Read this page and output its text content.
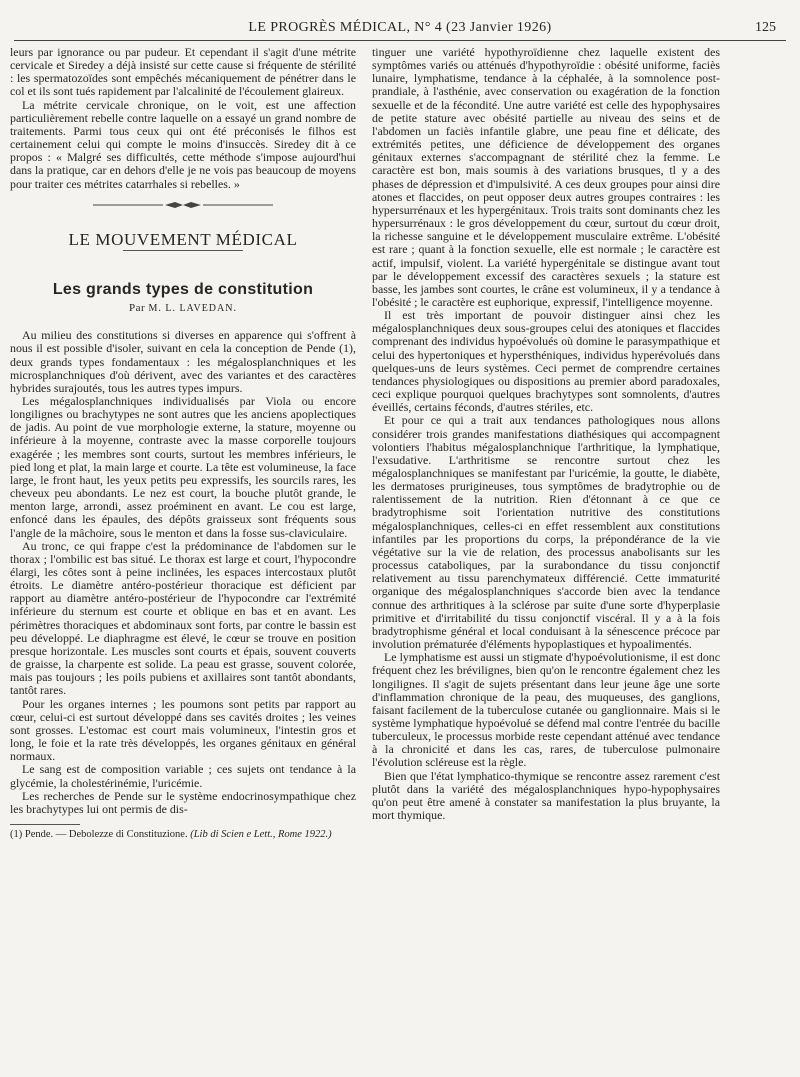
LE PROGRÈS MÉDICAL, N° 4 (23 Janvier 1926)	125

leurs par ignorance ou par pudeur. Et cependant il s'agit d'une métrite cervicale et Siredey a déjà insisté sur cette cause si fréquente de stérilité : les spermatozoïdes sont empêchés mécaniquement de pénétrer dans le col et ils sont tués rapidement par l'alcalinité de l'écoulement glaireux.

La métrite cervicale chronique, on le voit, est une affection particulièrement rebelle contre laquelle on a essayé un grand nombre de traitements. Parmi tous ceux qui ont été préconisés le filhos est certainement celui qui compte le moins d'insuccès. Siredey dit à ce propos : « Malgré ses difficultés, cette méthode s'impose aujourd'hui dans la pratique, car en dehors d'elle je ne vois pas beaucoup de moyens pour traiter ces métrites catarrhales si rebelles. »

LE MOUVEMENT MÉDICAL
Les grands types de constitution
Par M. L. LAVEDAN.

Au milieu des constitutions si diverses en apparence qui s'offrent à nous il est possible d'isoler, suivant en cela la conception de Pende (1), deux grands types fondamentaux : les mégalosplanchniques et les microsplanchniques d'où dérivent, avec des variantes et des caractères hybrides surajoutés, tous les autres types impurs.

Les mégalosplanchniques individualisés par Viola ou encore longilignes ou brachytypes ne sont autres que les anciens apoplectiques de jadis. Au point de vue morphologie externe, la stature, moyenne ou inférieure à la moyenne, contraste avec la masse corporelle toujours exagérée ; les membres sont courts, surtout les membres inférieurs, le pied long et plat, la main large et courte. La tête est volumineuse, la face large, le front haut, les yeux petits peu expressifs, les sourcils rares, les cheveux peu abondants. Le nez est court, la bouche plutôt grande, le menton large, arrondi, assez proéminent en avant. Le cou est large, enfoncé dans les épaules, des dépôts graisseux sont fréquents sous l'angle de la mâchoire, sous le menton et dans la fosse sus-claviculaire.

Au tronc, ce qui frappe c'est la prédominance de l'abdomen sur le thorax ; l'ombilic est bas situé. Le thorax est large et court, l'hypocondre élargi, les côtes sont à peine inclinées, les espaces intercostaux plutôt étroits. Le diamètre antéro-postérieur thoracique est déficient par rapport au diamètre antéro-postérieur de l'hypocondre car l'extrémité inférieure du sternum est courte et oblique en bas et en avant. Les périmètres thoraciques et abdominaux sont forts, par contre le bassin est peu développé. Le diaphragme est élevé, le cœur se trouve en position presque horizontale. Les muscles sont courts et épais, souvent couverts de graisse, la charpente est solide. La peau est grasse, souvent colorée, mais pas toujours ; les poils pubiens et axillaires sont tantôt abondants, tantôt rares.

Pour les organes internes ; les poumons sont petits par rapport au cœur, celui-ci est surtout développé dans ses cavités droites ; les veines sont grosses. L'estomac est court mais volumineux, l'intestin gros et long, le foie et la rate très développés, les organes génitaux en général normaux.

Le sang est de composition variable ; ces sujets ont tendance à la glycémie, la cholestérinémie, l'uricémie.

Les recherches de Pende sur le système endocrinosympathique chez les brachytypes lui ont permis de dis-

(1) Pende. — Debolezze di Constituzione. (Lib di Scien e Lett., Rome 1922.)

tinguer une variété hypothyroïdienne chez laquelle existent des symptômes variés ou atténués d'hypothyroïdie : obésité uniforme, faciès lunaire, lymphatisme, tendance à la céphalée, à la somnolence post-prandiale, à l'asthénie, avec conservation ou exagération de la fonction sexuelle et de la fécondité. Une autre variété est celle des hypophysaires de petite stature avec obésité partielle au niveau des seins et de l'abdomen un faciès infantile glabre, une peau fine et délicate, des extrémités petites, une déficience de développement des organes génitaux externes s'accompagnant de stérilité chez la femme. Le caractère est bon, mais soumis à des variations brusques, tl y a des phases de dépression et d'impulsivité. A ces deux groupes pour ainsi dire atones et flaccides, on peut opposer deux autres groupes contraires : les hypersurrénaux et les hypergénitaux. Trois traits sont dominants chez les hypersurrénaux : le gros développement du cœur, surtout du cœur droit, la richesse sanguine et le développement musculaire extrême. L'obésité est rare ; quant à la fonction sexuelle, elle est normale ; le caractère est actif, impulsif, violent. La variété hypergénitale se distingue avant tout par le développement excessif des caractères sexuels ; la stature est basse, les jambes sont courtes, le crâne est volumineux, il y a tendance à l'obésité ; le caractère est euphorique, expressif, l'intelligence moyenne.

Il est très important de pouvoir distinguer ainsi chez les mégalosplanchniques deux sous-groupes celui des atoniques et flaccides comprenant des individus hypoévolués où domine le parasympathique et celui des hypertoniques et hypersthéniques, individus hyperévolués dans quelques-uns de leurs systèmes. Ceci permet de comprendre certaines tendances physiologiques ou dispositions au premier abord paradoxales, ceci explique pourquoi quelques brachytypes sont somnolents, d'autres éveillés, certains féconds, d'autres stériles, etc.

Et pour ce qui a trait aux tendances pathologiques nous allons considérer trois grandes manifestations diathésiques qui accompagnent volontiers l'habitus mégalosplanchnique l'arthritique, la lymphatique, l'exsudative. L'arthritisme se rencontre surtout chez les mégalosplanchniques se manifestant par l'uricémie, la goutte, le diabète, les dermatoses prurigineuses, tous symptômes de bradytrophie ou de ralentissement de la nutrition. Rien d'étonnant à ce que ce bradytrophisme soit l'orientation nutritive des constitutions mégalosplanchniques, celles-ci en effet ressemblent aux constitutions infantiles par les proportions du corps, la prépondérance de la vie végétative sur la vie de relation, des processus anabolisants sur les processus cataboliques, par la surabondance du tissu conjonctif relativement au tissu parenchymateux différencié. Cette immaturité organique des mégalosplanchniques s'accorde bien avec la tendance connue des arthritiques à la sclérose par suite d'une sorte d'hyperplasie primitive et d'irritabilité du tissu conjonctif viscéral. Il y a à la fois bradytrophisme général et local conduisant à la sénescence précoce par involution prématurée d'éléments hypoplastiques et hypoalimentés.

Le lymphatisme est aussi un stigmate d'hypoévolutionisme, il est donc fréquent chez les brévilignes, bien qu'on le rencontre également chez les longilignes. Il s'agit de sujets présentant dans leur jeune âge une sorte d'inflammation chronique de la peau, des muqueuses, des ganglions, faisant facilement de la tuberculose cutanée ou ganglionnaire. Mais si le système lymphatique hypoévolué se défend mal contre l'entrée du bacille tuberculeux, le processus morbide reste cependant atténué avec tendance à la chronicité et dans les cas, rares, de tuberculose pulmonaire l'évolution scléreuse est la règle.

Bien que l'état lymphatico-thymique se rencontre assez rarement c'est plutôt dans la variété des mégalosplanchniques hypo-hypophysaires qu'on peut être amené à constater sa manifestation la plus bruyante, la mort thymique.
